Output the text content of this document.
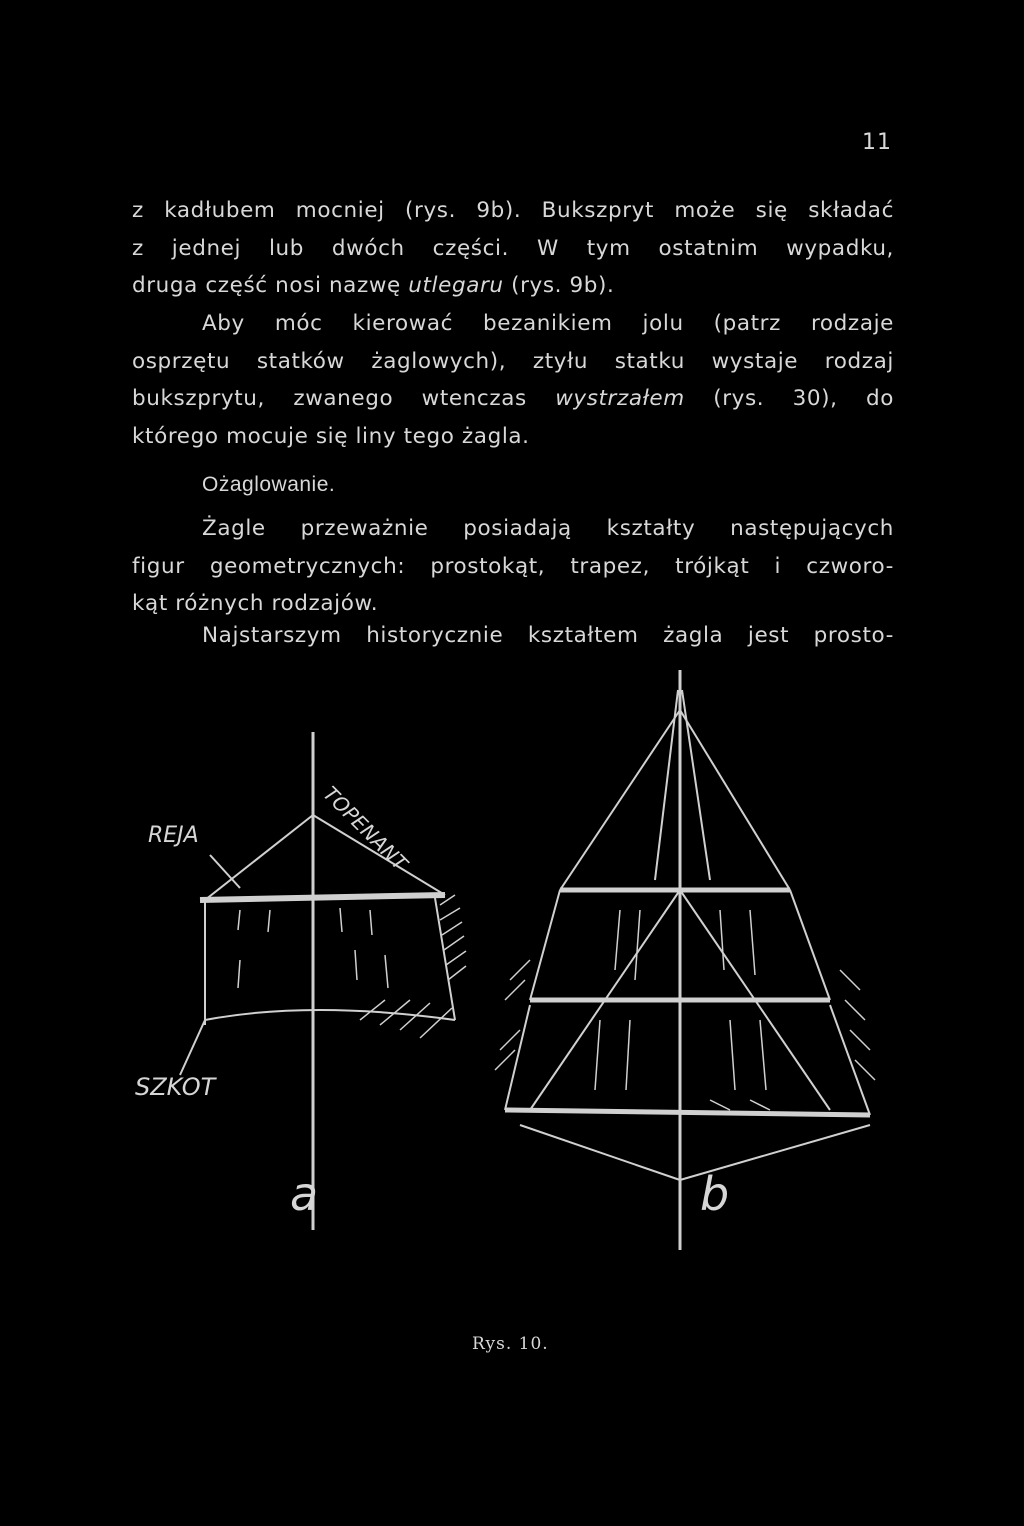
11
z kadłubem mocniej (rys. 9b). Bukszpryt może się składać
z jednej lub dwóch części. W tym ostatnim wypadku,
druga część nosi nazwę utlegaru (rys. 9b).
Aby móc kierować bezanikiem jolu (patrz rodzaje
osprzętu statków żaglowych), ztyłu statku wystaje rodzaj
bukszprytu, zwanego wtenczas wystrzałem (rys. 30), do
którego mocuje się liny tego żagla.
Ożaglowanie.
Żagle przeważnie posiadają kształty następujących
figur geometrycznych: prostokąt, trapez, trójkąt i czworo-
kąt różnych rodzajów.
Najstarszym historycznie kształtem żagla jest prosto-
REJA	TOPENANT
SZKOT
a	b
Rys. 10.
